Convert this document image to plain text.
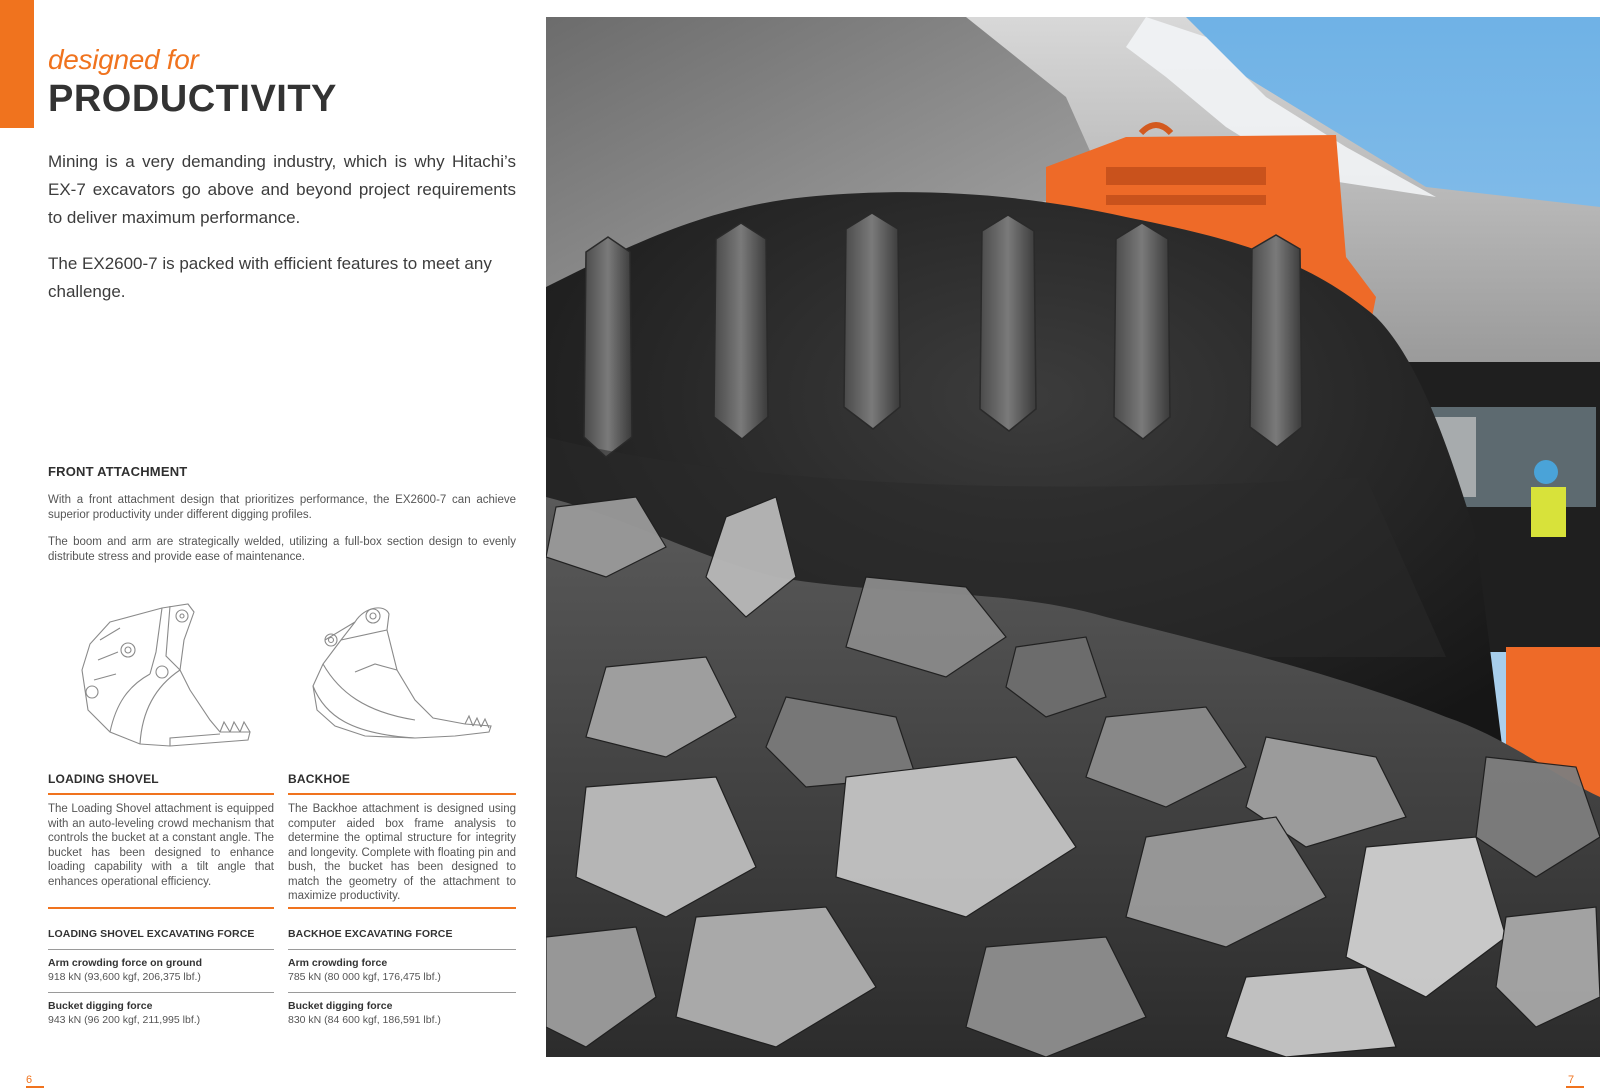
designed for
PRODUCTIVITY

Mining is a very demanding industry, which is why Hitachi’s EX-7 excavators go above and beyond project requirements to deliver maximum performance.

The EX2600-7 is packed with efficient features to meet any challenge.

FRONT ATTACHMENT

With a front attachment design that prioritizes performance, the EX2600-7 can achieve superior productivity under different digging profiles.

The boom and arm are strategically welded, utilizing a full-box section design to evenly distribute stress and provide ease of maintenance.

LOADING SHOVEL

The Loading Shovel attachment is equipped with an auto-leveling crowd mechanism that controls the bucket at a constant angle. The bucket has been designed to enhance loading capability with a tilt angle that enhances operational efficiency.

LOADING SHOVEL EXCAVATING FORCE
Arm crowding force on ground
918 kN (93,600 kgf, 206,375 lbf.)
Bucket digging force
943 kN (96 200 kgf, 211,995 lbf.)
BACKHOE

The Backhoe attachment is designed using computer aided box frame analysis to determine the optimal structure for integrity and longevity. Complete with floating pin and bush, the bucket has been designed to match the geometry of the attachment to maximize productivity.

BACKHOE EXCAVATING FORCE
Arm crowding force
785 kN (80 000 kgf, 176,475 lbf.)
Bucket digging force
830 kN (84 600 kgf, 186,591 lbf.)
6	7
